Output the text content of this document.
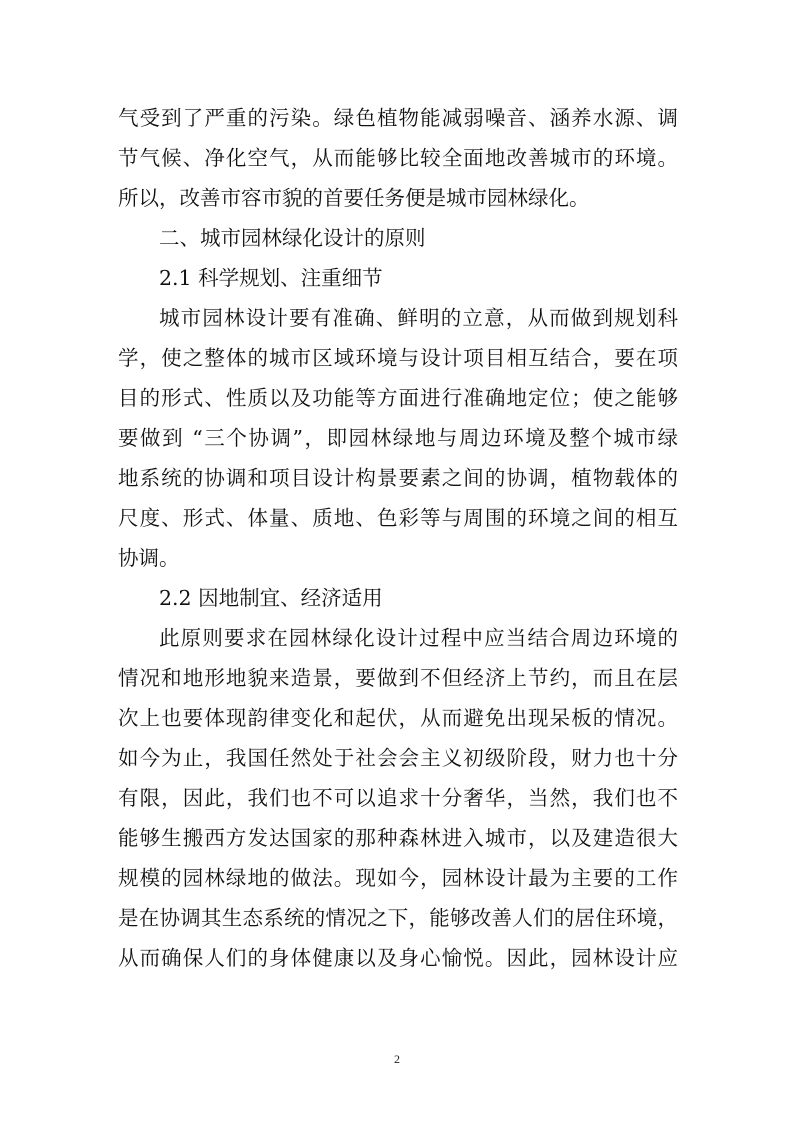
气受到了严重的污染。绿色植物能减弱噪音、涵养水源、调
节气候、净化空气，从而能够比较全面地改善城市的环境。
所以，改善市容市貌的首要任务便是城市园林绿化。
二、城市园林绿化设计的原则
2.1 科学规划、注重细节
城市园林设计要有准确、鲜明的立意，从而做到规划科
学，使之整体的城市区域环境与设计项目相互结合，要在项
目的形式、性质以及功能等方面进行准确地定位；使之能够
要做到 “三个协调”，即园林绿地与周边环境及整个城市绿
地系统的协调和项目设计构景要素之间的协调，植物载体的
尺度、形式、体量、质地、色彩等与周围的环境之间的相互
协调。
2.2 因地制宜、经济适用
此原则要求在园林绿化设计过程中应当结合周边环境的
情况和地形地貌来造景，要做到不但经济上节约，而且在层
次上也要体现韵律变化和起伏，从而避免出现呆板的情况。
如今为止，我国任然处于社会会主义初级阶段，财力也十分
有限，因此，我们也不可以追求十分奢华，当然，我们也不
能够生搬西方发达国家的那种森林进入城市，以及建造很大
规模的园林绿地的做法。现如今，园林设计最为主要的工作
是在协调其生态系统的情况之下，能够改善人们的居住环境，
从而确保人们的身体健康以及身心愉悦。因此，园林设计应
2
